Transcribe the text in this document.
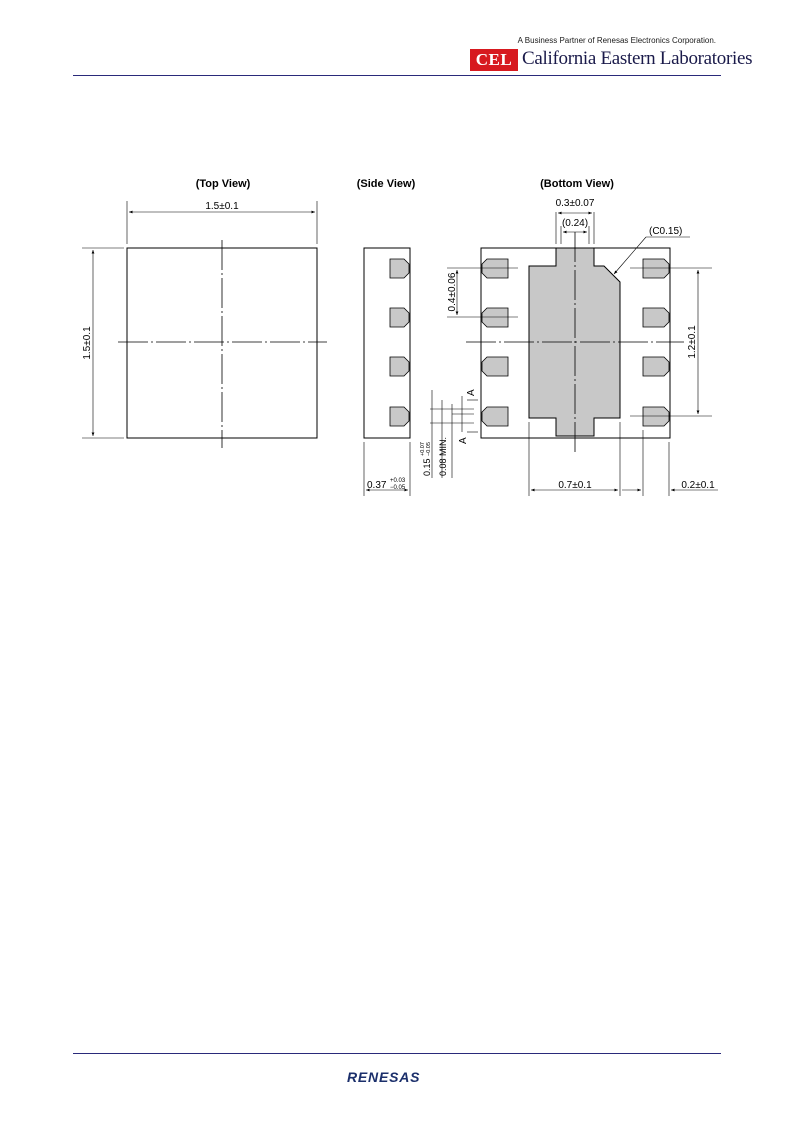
A Business Partner of Renesas Electronics Corporation.
CEL California Eastern Laboratories
(Top View)
1.5±0.1
1.5±0.1
(Side View)
0.37 +0.03
−0.05
A
A
0.15
+0.07 −0.05 0.08 MIN.
(Bottom View)
0.3±0.07
(0.24)
(C0.15)
0.4±0.06
1.2±0.1
0.7±0.1	0.2±0.1
RENESAS
